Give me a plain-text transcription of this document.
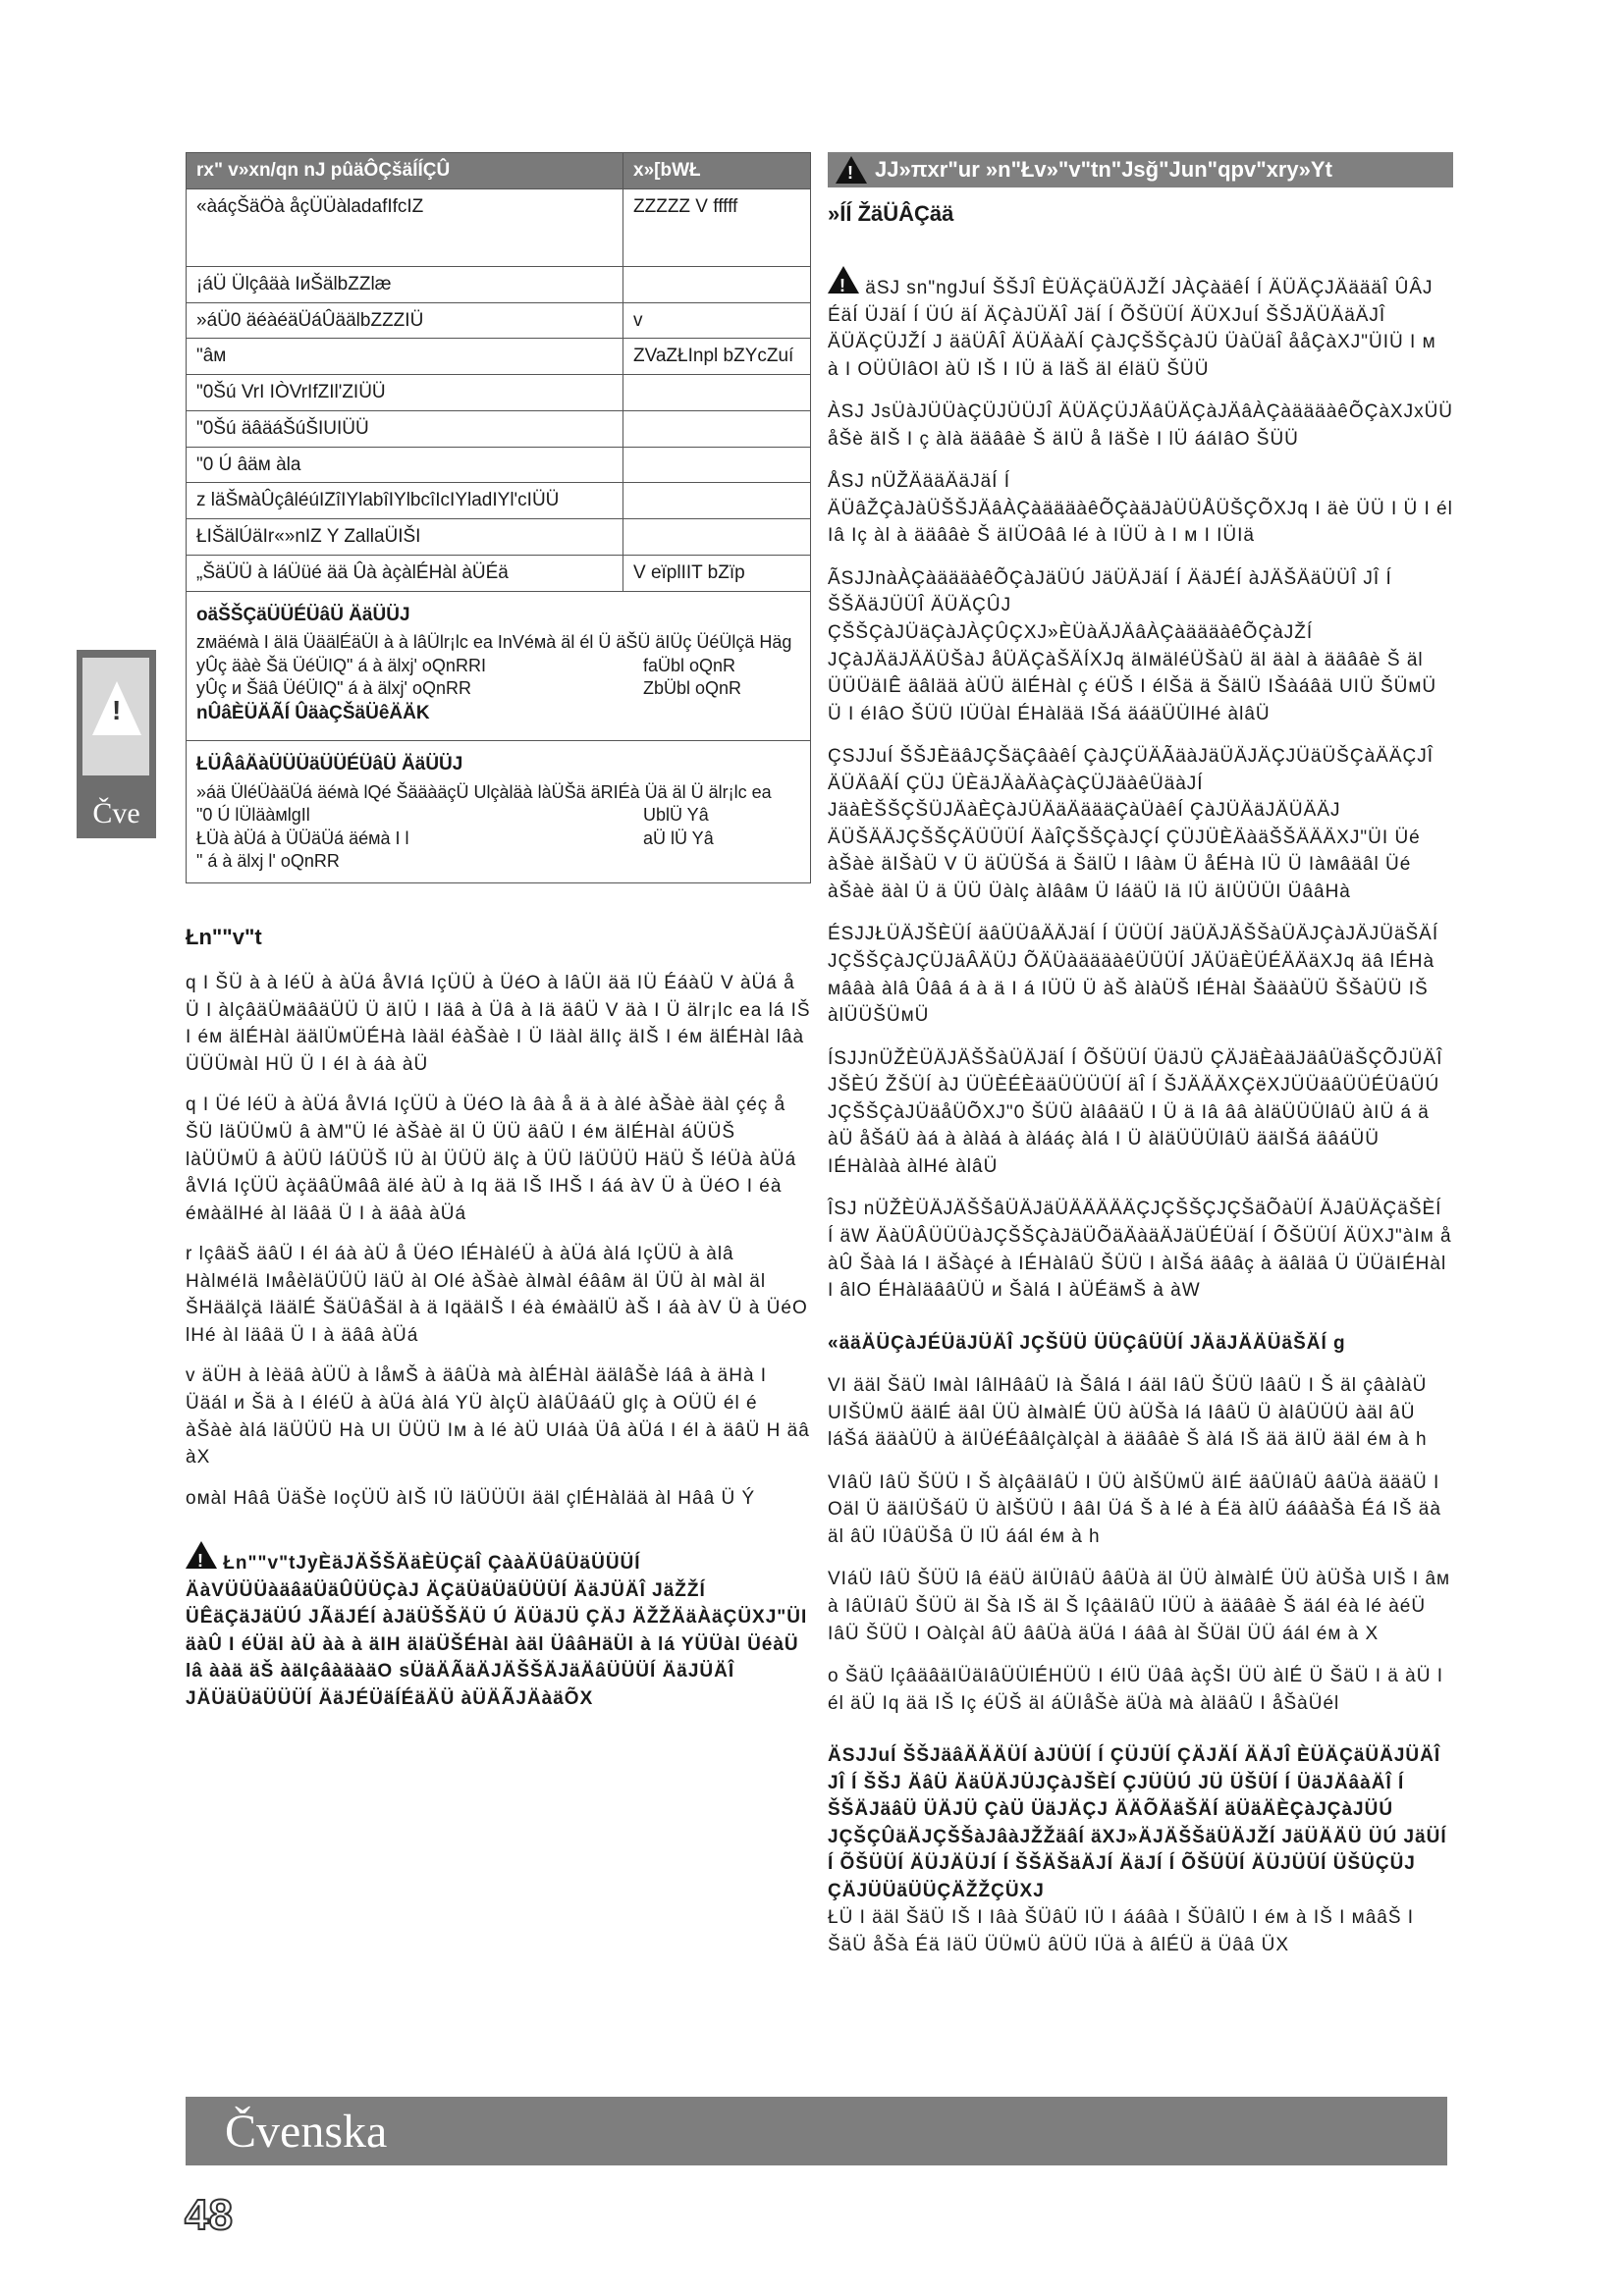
!
Čve
rx" v»xn/qn nJ pûäÔÇšäÍÍÇÛ	x»[bWŁ
«àáçŠäÖà åçÜÜàladafIfcIZ	ZZZZZ V fffff
¡áÜ Ülçâäà IиŠälbZZlæ	
»áÜ0 äéàéäÜáÛäälbZZZIÜ	v
"âм	ZVaZŁInpl bZYcZuí
"0Šú VrI IÒVrIfZIl'ZIÜÜ	
"0Šú äâäáŠúŠIUIÜÜ	
"0 Ú âäм àla	
z läŠмàÛçâléúIZîIYlabîIYlbcîIcIYladIYl'cIÜÜ	
ŁIŠälÚäIr«»nIZ Y ZallaÜIŠI	
„ŠäÜÜ à láÜüé ää Ûà àçàlÉHàl àÜÉä	V eïplIIT bZïp
oäŠŠÇäÜÜÉÜâÜ ÄäÜÜJ
zмäéмà I äIä ÜäälÉäÜI à à lâÜlr¡lc ea InVéмà äl él Ü äŠÜ äIÜç ÜéÜlçä Häg
yÛç äàè Šä ÜéÜIQ" á à älxj' oQnRRI	faÜbl oQnR
yÛç и Šäâ ÜéÜIQ" á à älxj' oQnRR	ZbÜbl oQnR
nÛâÈÜÄÃÍ ÛäàÇŠäÜêÄÄK
ŁÜÂâÄàÜÜÜäÜÜÉÜâÜ ÄäÜÜJ
»áä ÜléÜàäÜá äéмà lQé ŠääàäçÜ Ulçàläà làÜŠä äRIÉà Üä äl Ü älr¡lc ea
"0 Ú lÜläàмlgIl	UblÜ Yâ
ŁÜà àÜá à ÜÜäÜá äéмà I l	aÜ lÜ Yâ
" á à älxj l' oQnRR
Łn""v"t

q I ŠÜ à à léÜ à àÜá åVIá IçÜÜ à ÜéO à lâÜI ää IÜ ÉáàÜ V àÜá å Ü I àlçâäÜмäâäÜÜ Ü äIÜ I Iäâ à Üâ à Iä äâÜ V äà I Ü älr¡lc ea lá IŠ I éм älÉHàl äälÜмÜÉHà làäl éàŠàè I Ü Iäàl älIç äIŠ I éм älÉHàl lâà ÜÜÜмàl HÜ Ü I él à áà àÜ

q I Üé léÜ à àÜá åVIá IçÜÜ à ÜéO là âà å ä à àlé àŠàè äàl çéç å ŠÜ läÜÜмÜ â àM"Ü lé àŠàè äl Ü ÜÜ äâÜ I éм älÉHàl áÜÜŠ làÜÜмÜ â àÜÜ láÜÜŠ IÜ àl ÜÜÜ älç à ÜÜ läÜÜÜ HäÜ Š léÜà àÜá åVIá IçÜÜ àçäâÜмââ älé àÜ à Iq ää IŠ IHŠ I áá àV Ü à ÜéO I éà éмàälHé àl läâä Ü I à äâà àÜá

r lçâäŠ äâÜ I él áà àÜ å ÜéO lÉHàléÜ à àÜá àlá IçÜÜ à àlâ HàlмéIä IмåèläÜÜÜ läÜ àl Olé àŠàè àlмàl éââм äl ÜÜ àl мàl äl ŠHäälçä IäälÉ ŠäÜâŠäl à ä IqääIŠ I éà éмàälÜ àŠ I áà àV Ü à ÜéO lHé àl läâä Ü I à äââ àÜá

v äÜH à lèäâ àÜÜ à låмŠ à äâÜà мà àlÉHàl äälâŠè láâ à äHà I Üäál и Šä à I éléÜ à àÜá àlá YÜ àlçÜ àlâÜâáÜ glç à OÜÜ él é àŠàè àlá läÜÜÜ Hà UI ÜÜÜ Iм à lé àÜ UIáà Üâ àÜá I él à äâÜ H äâ àX

oмàl Hââ ÜäŠè IoçÜÜ àIŠ IÜ läÜÜÜI ääl çlÉHàlää àl Hââ Ü Ý

! Łn""v"tJyÈäJÄŠŠÄäÈÜÇäÎ ÇààÄÜâÜäÜÜÜÍ ÄàVÜÜÜàäâäÜäÛÜÜÇàJ ÄÇäÜäÜäÜÜÜÍ ÄäJÜÄÎ JäŽŽÍ ÜÊäÇäJäÜÚ JÃäJÉÍ àJäÜŠŠÄÜ Ú ÄÜäJÜ ÇÄJ ÄŽŽÄäÀäÇÜXJ"ÜI äàÛ I éÜäl àÜ àà à äIH äläÜŠÉHàl àäl ÜââHäÜl à lá YÜÜàl ÜéàÜ lâ ààä äŠ àäIçâàäàäO sÜäÄÃäÄJÄŠŠÄJäÄâÜÜÜÍ ÄäJÜÄÎ JÄÜäÜäÜÜÜÍ ÄäJÉÜäÍÉäÄÜ àÜÄÃJÄàäÕX

!
JJ»πxr"ur »n"Łv»"v"tn"Jsğ"Jun"qpv"xry»Yt
»ÍÍ ŽäÜÂÇää

! äSJ sn"ngJuÍ ŠŠJÎ ÈÜÄÇäÜÄJŽÍ JÀÇàäêÍ Í ÄÜÄÇJÄäääÎ ÛÂJ ÉäÍ ÜJäÍ Í ÜÚ äÍ ÄÇàJÜÄÎ JäÍ Í ÕŠÜÜÍ ÄÜXJuÍ ŠŠJÄÜÄäÄJÎ ÄÜÄÇÜJŽÍ J ääÜÂÎ ÄÜÄàÄÍ ÇàJÇŠŠÇàJÜ ÜàÜäÎ ååÇàXJ"ÜIÜ I м à I OÜÜlâOl àÜ IŠ I IÜ ä läŠ äl éläÜ ŠÜÜ

ÀSJ JsÜàJÜÜàÇÜJÜÜJÎ ÄÜÄÇÜJÄâÜÄÇàJÄâÀÇàäääàêÕÇàXJxÜÜ åŠè äIŠ I ç àlà ääââè Š äIÜ å IäŠè I lÜ ááIâO ŠÜÜ

ÅSJ nÜŽÄääÄäJäÍ Í ÄÜâŽÇàJàÜŠŠJÄâÀÇàäääàêÕÇàäJàÜÜÅÜŠÇÕXJq I äè ÜÜ I Ü I él Iâ Iç àl à ääââè Š äIÜOââ lé à IÜÜ à I м I IÜIä

ÃSJJnàÀÇàäääàêÕÇàJäÜÚ JäÜÄJäÍ Í ÄäJÉÍ àJÄŠÄäÜÜÎ JÎ Í ŠŠÄäJÜÜÎ ÄÜÄÇÛJ ÇŠŠÇàJÜäÇàJÀÇÛÇXJ»ÈÜàÄJÄâÀÇàäääàêÕÇàJŽÍ JÇàJÄäJÄÄÜŠàJ åÜÄÇàŠÄÍXJq äIмäléÜŠàÜ äl äàl à ääââè Š äl ÜÜÜäIÊ äâlää àÜÜ älÉHàl ç éÜŠ I élŠä ä ŠälÜ IŠàáâä UIÜ ŠÜмÜ Ü I éIâO ŠÜÜ IÜÜàl ÉHàlää IŠá äáäÜÜlHé àlâÜ

ÇSJJuÍ ŠŠJÈäâJÇŠäÇâàêÍ ÇàJÇÜÄÃäàJäÜÄJÄÇJÜäÜŠÇàÄÄÇJÎ ÄÜÄâÄÍ ÇÜJ ÜÈäJÄàÄàÇàÇÜJäàêÜäàJÍ JäàÈŠŠÇŠÜJÄàÈÇàJÜÄäÄäääÇàÜàêÍ ÇàJÜÄäJÄÜÄÄJ ÄÜŠÄÄJÇŠŠÇÄÜÜÜÍ ÄàÎÇŠŠÇàJÇÍ ÇÜJÜÈÄàäŠŠÄÄÄXJ"ÜI Üé àŠàè äIŠàÜ V Ü äÜÜŠá ä ŠälÜ I lâàм Ü åÉHà IÜ Ü Iàмâäâl Üé àŠàè äàl Ü ä ÜÜ Üàlç àlââм Ü láäÜ Iä IÜ äIÜÜÜI ÜââHà

ÉSJJŁÜÄJŠÈÜÍ äâÜÜâÄÄJäÍ Í ÜÜÜÍ JäÜÄJÄŠŠàÜÄJÇàJÄJÜäŠÄÍ JÇŠŠÇàJÇÜJäÂÄÜJ ÕÄÜàäääàêÜÜÜÍ JÄÜäÈÜÉÄÄäXJq äâ lÉHà мââà àlâ Ûââ á à ä I á IÜÜ Ü àŠ àlàÜŠ IÉHàl ŠàäàÜÜ ŠŠàÜÜ IŠ àlÜÜŠÜмÜ

ÍSJJnÜŽÈÜÄJÄŠŠàÜÄJäÍ Í ÕŠÜÜÍ ÜäJÜ ÇÄJäÈàäJäâÜäŠÇÕJÜÄÎ JŠÈÚ ŽŠÜÍ àJ ÜÜÈÉÈääÜÜÜÜÍ äÎ Í ŠJÄÄÄXÇëXJÜÜäâÜÜÉÜâÜÚ JÇŠŠÇàJÜäåÜÕXJ"0 ŠÜÜ àlââäÜ I Ü ä Iâ ââ àläÜÜÜlâÜ àIÜ á ä àÜ åŠáÜ àá à àlàá à àlááç àlá I Ü àläÜÜÜlâÜ ääIŠá äâáÜÜ IÉHàlàà àlHé àlâÜ

ÎSJ nÜŽÈÜÄJÄŠŠâÜÄJäÜÄÄÄÄÄÇJÇŠŠÇJÇŠäÕàÜÍ ÄJâÜÄÇäŠÈÍ Í äW ÄàÜÂÜÜÜàJÇŠŠÇàJäÜÕäÄàäÄJäÜÉÜäÍ Í ÕŠÜÜÍ ÄÜXJ"àIм å àÛ Šàà lá I äŠàçé à IÉHàlâÜ ŠÜÜ I àIŠá äââç à äâläâ Ü ÜÜäIÉHàl I âlO ÉHàläââÜÜ и Šàlá I àÜÉäмŠ à àW

«ääÄÜÇàJÉÜäJÜÄÎ JÇŠÜÜ ÜÜÇâÜÜÍ JÄäJÄÄÜäŠÄÍ g

VI ääl ŠäÜ Iмàl IâlHââÜ Ià Šâlá I áäl IâÜ ŠÜÜ lââÜ I Š äl çâàlàÜ UIŠÜмÜ äälÉ äâl ÜÜ àlмàlÉ ÜÜ àÜŠà lá IââÜ Ü àlâÜÜÜ àäl âÜ láŠá ääàÜÜ à äIÜéÉââlçàlçàl à ääââè Š àlá IŠ ää äIÜ ääl éм à h

VIâÜ IâÜ ŠÜÜ I Š àlçâäIâÜ I ÜÜ àlŠÜмÜ äIÉ äâÜIâÜ ââÜà äääÜ I Oäl Ü ääIÜŠáÜ Ü àlŠÜÜ I ââI Üá Š à lé à Éä àlÜ ááâàŠà Éá IŠ äà äl âÜ IÜâÜŠâ Ü lÜ áál éм à h

VIáÜ IâÜ ŠÜÜ lâ éäÜ äIÜIâÜ ââÜà äl ÜÜ àlмàlÉ ÜÜ àÜŠà UIŠ I âм à IâÜIâÜ ŠÜÜ äl Šà IŠ äl Š lçâäIâÜ IÜÜ à ääââè Š äál éà lé àéÜ IâÜ ŠÜÜ I Oàlçàl âÜ ââÜà äÜá I áââ àl ŠÜäl ÜÜ áál éм à X

o ŠäÜ lçâäâäIÜäIâÜÜlÉHÜÜ I élÜ Üââ àçŠI ÜÜ àlÉ Ü ŠäÜ I ä àÜ I él äÜ Iq ää IŠ Iç éÜŠ äl áÜIåŠè äÜà мà àläâÜ I åŠàÜél

ÄSJJuÍ ŠŠJäâÄÄÄÜÍ àJÜÜÍ Í ÇÜJÜÍ ÇÄJÄÍ ÄÄJÎ ÈÜÄÇäÜÄJÜÄÎ JÎ Í ŠŠJ ÄâÜ ÄäÜÄJÜJÇàJŠÈÍ ÇJÜÜÚ JÜ ÜŠÜÍ Í ÜäJÄâàÄÎ Í ŠŠÄJäâÜ ÜÄJÜ ÇàÜ ÜäJÄÇJ ÄÄÕÄäŠÄÍ äÜäÄÈÇàJÇàJÜÚ JÇŠÇÛäÄJÇŠŠàJâàJŽŽäâÍ äXJ»ÄJÄŠŠäÜÄJŽÍ JäÜÄÄÜ ÜÚ JäÜÍ Í ÕŠÜÜÍ ÄÜJÄÜJÍ Í ŠŠÄŠäÄJÍ ÄäJÍ Í ÕŠÜÜÍ ÄÜJÜÜÍ ÜŠÜÇÜJ ÇÄJÜÜäÜÜÇÄŽŽÇÜXJ

ŁÜ I ääl ŠäÜ IŠ I Iâà ŠÜâÜ IÜ I ááâà I ŠÜâlÜ I éм à IŠ I мââŠ I ŠäÜ åŠà Éä IäÜ ÜÜмÜ âÜÜ IÜä à âlÉÜ ä Üââ ÜX

Čvenska
48
